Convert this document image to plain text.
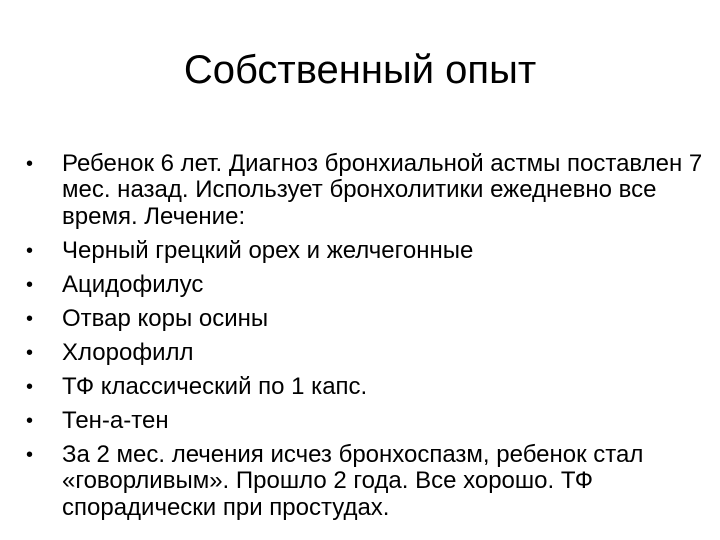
Собственный опыт
•	Ребенок 6 лет. Диагноз бронхиальной астмы поставлен 7 мес. назад. Использует бронхолитики ежедневно все время. Лечение:
•	Черный грецкий орех и желчегонные
•	Ацидофилус
•	Отвар коры осины
•	Хлорофилл
•	ТФ классический по 1 капс.
•	Тен-а-тен
•	За 2 мес. лечения исчез бронхоспазм, ребенок стал «говорливым». Прошло 2 года. Все хорошо. ТФ спорадически при простудах.
